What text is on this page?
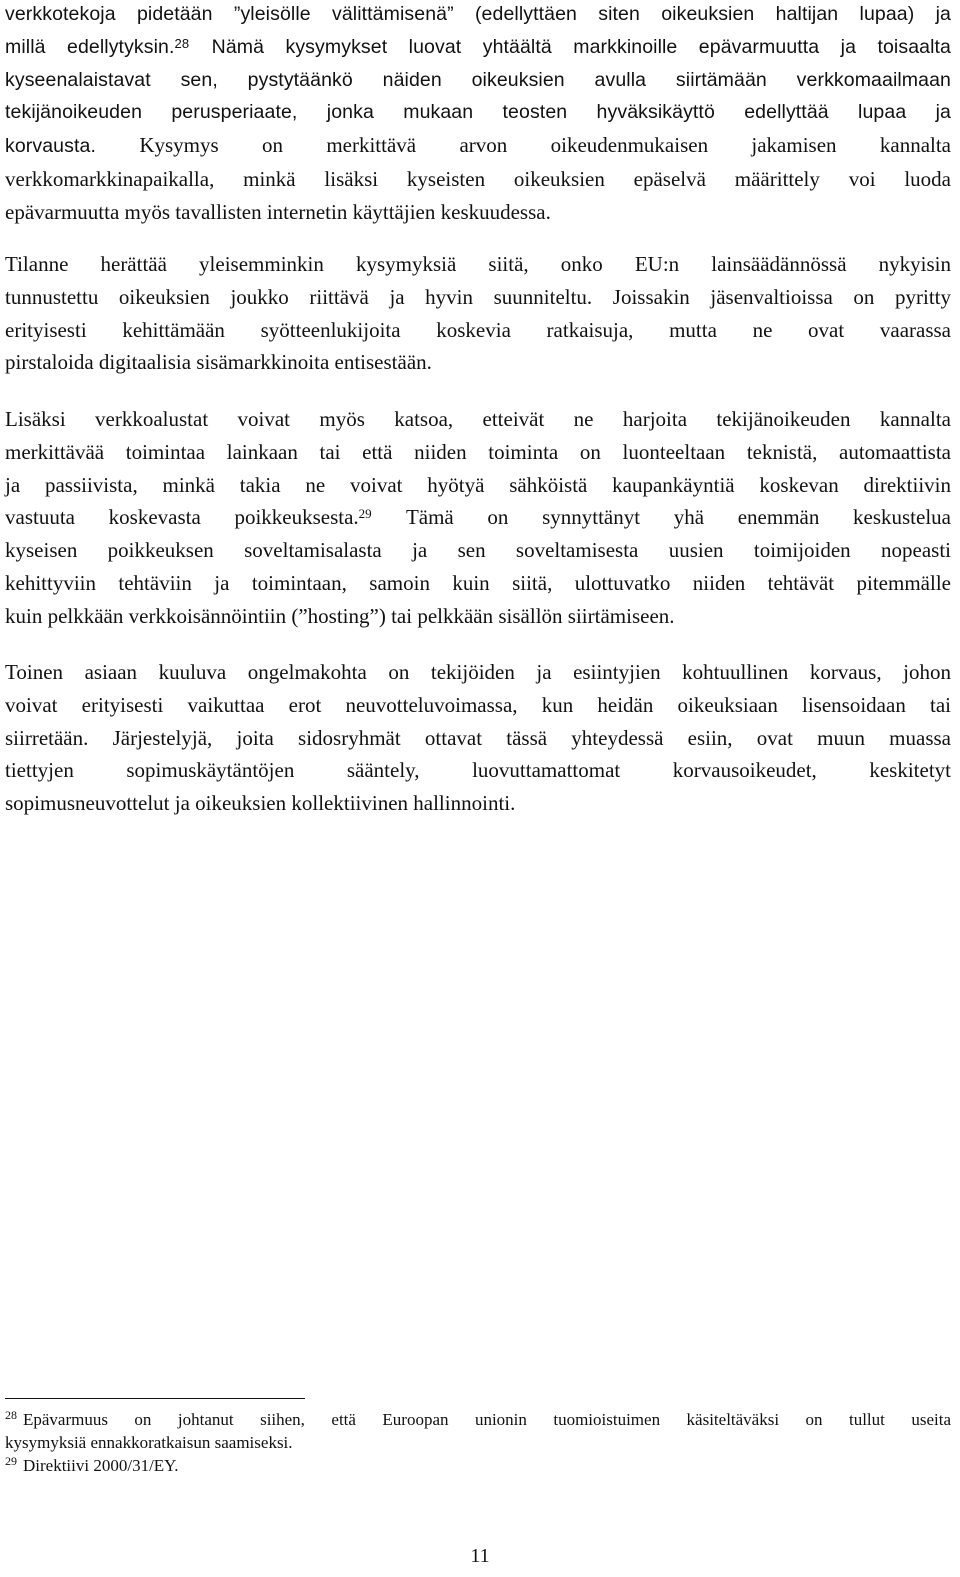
verkkotekoja pidetään ”yleisölle välittämisenä” (edellyttäen siten oikeuksien haltijan lupaa) ja
millä edellytyksin.$^{28}$ Nämä kysymykset luovat yhtäältä markkinoille epävarmuutta ja toisaalta
kyseenalaistavat sen, pystytäänkö näiden oikeuksien avulla siirtämään verkkomaailmaan
tekijänoikeuden perusperiaate, jonka mukaan teosten hyväksikäyttö edellyttää lupaa ja
korvausta. Kysymys on merkittävä arvon oikeudenmukaisen jakamisen kannalta
verkkomarkkinapaikalla, minkä lisäksi kyseisten oikeuksien epäselvä määrittely voi luoda
epävarmuutta myös tavallisten internetin käyttäjien keskuudessa.

Tilanne herättää yleisemminkin kysymyksiä siitä, onko EU:n lainsäädännössä nykyisin
tunnustettu oikeuksien joukko riittävä ja hyvin suunniteltu. Joissakin jäsenvaltioissa on pyritty
erityisesti kehittämään syötteenlukijoita koskevia ratkaisuja, mutta ne ovat vaarassa
pirstaloida digitaalisia sisämarkkinoita entisestään.

Lisäksi verkkoalustat voivat myös katsoa, etteivät ne harjoita tekijänoikeuden kannalta
merkittävää toimintaa lainkaan tai että niiden toiminta on luonteeltaan teknistä, automaattista
ja passiivista, minkä takia ne voivat hyötyä sähköistä kaupankäyntiä koskevan direktiivin
vastuuta koskevasta poikkeuksesta.$^{29}$ Tämä on synnyttänyt yhä enemmän keskustelua
kyseisen poikkeuksen soveltamisalasta ja sen soveltamisesta uusien toimijoiden nopeasti
kehittyviin tehtäviin ja toimintaan, samoin kuin siitä, ulottuvatko niiden tehtävät pitemmälle
kuin pelkkään verkkoisännöintiin (”hosting”) tai pelkkään sisällön siirtämiseen.

Toinen asiaan kuuluva ongelmakohta on tekijöiden ja esiintyjien kohtuullinen korvaus, johon
voivat erityisesti vaikuttaa erot neuvotteluvoimassa, kun heidän oikeuksiaan lisensoidaan tai
siirretään. Järjestelyjä, joita sidosryhmät ottavat tässä yhteydessä esiin, ovat muun muassa
tiettyjen sopimuskäytäntöjen sääntely, luovuttamattomat korvausoikeudet, keskitetyt
sopimusneuvottelut ja oikeuksien kollektiivinen hallinnointi.

$^{28}$ Epävarmuus on johtanut siihen, että Euroopan unionin tuomioistuimen käsiteltäväksi on tullut useita
kysymyksiä ennakkoratkaisun saamiseksi.
$^{29}$ Direktiivi 2000/31/EY.
11
